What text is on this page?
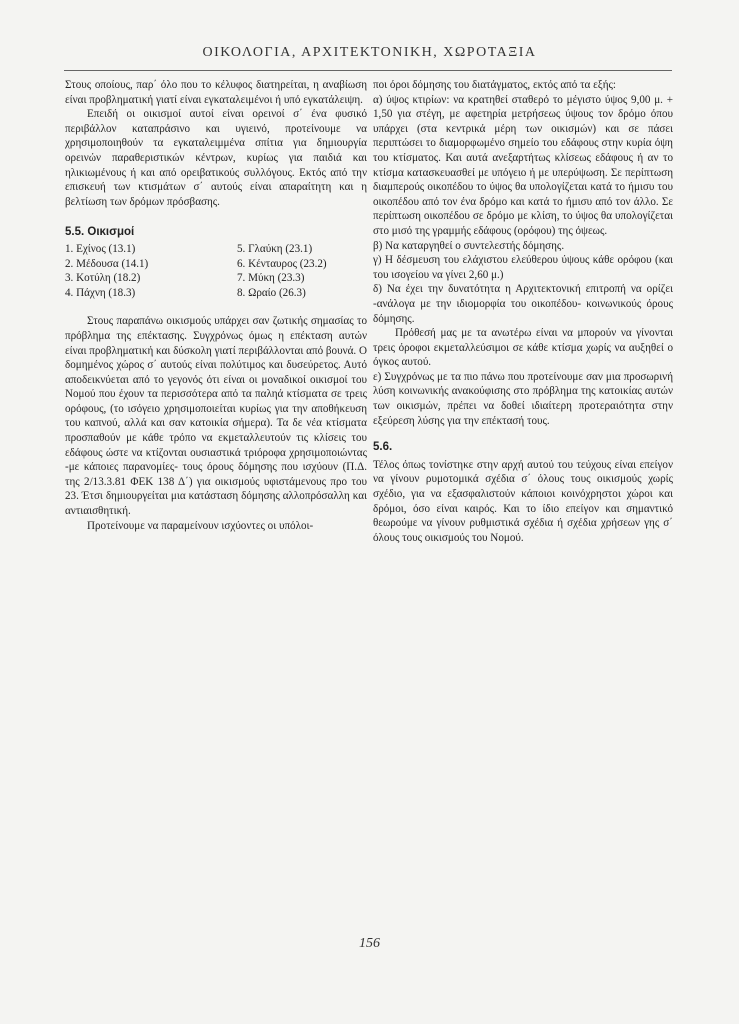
ΟΙΚΟΛΟΓΙΑ, ΑΡΧΙΤΕΚΤΟΝΙΚΗ, ΧΩΡΟΤΑΞΙΑ

Στους οποίους, παρ΄ όλο που το κέλυφος διατηρείται, η αναβίωση είναι προβληματική γιατί είναι εγκαταλειμένοι ή υπό εγκατάλειψη.

Επειδή οι οικισμοί αυτοί είναι ορεινοί σ΄ ένα φυσικό περιβάλλον καταπράσινο και υγιεινό, προτείνουμε να χρησιμοποιηθούν τα εγκαταλειμμένα σπίτια για δημιουργία ορεινών παραθεριστικών κέντρων, κυρίως για παιδιά και ηλικιωμένους ή και από ορειβατικούς συλλόγους. Εκτός από την επισκευή των κτισμάτων σ΄ αυτούς είναι απαραίτητη και η βελτίωση των δρόμων πρόσβασης.

5.5. Οικισμοί
1. Εχίνος (13.1)	5. Γλαύκη (23.1)
2. Μέδουσα (14.1)	6. Κένταυρος (23.2)
3. Κοτύλη (18.2)	7. Μύκη (23.3)
4. Πάχνη (18.3)	8. Ωραίο (26.3)

Στους παραπάνω οικισμούς υπάρχει σαν ζωτικής σημασίας το πρόβλημα της επέκτασης. Συγχρόνως όμως η επέκταση αυτών είναι προβληματική και δύσκολη γιατί περιβάλλονται από βουνά. Ο δομημένος χώρος σ΄ αυτούς είναι πολύτιμος και δυσεύρετος. Αυτό αποδεικνύεται από το γεγονός ότι είναι οι μοναδικοί οικισμοί του Νομού που έχουν τα περισσότερα από τα παληά κτίσματα σε τρεις ορόφους, (το ισόγειο χρησιμοποιείται κυρίως για την αποθήκευση του καπνού, αλλά και σαν κατοικία σήμερα). Τα δε νέα κτίσματα προσπαθούν με κάθε τρόπο να εκμεταλλευτούν τις κλίσεις του εδάφους ώστε να κτίζονται ουσιαστικά τριόροφα χρησιμοποιώντας -με κάποιες παρανομίες- τους όρους δόμησης που ισχύουν (Π.Δ. της 2/13.3.81 ΦΕΚ 138 Δ΄) για οικισμούς υφιστάμενους προ του 23. Έτσι δημιουργείται μια κατάσταση δόμησης αλλοπρόσαλλη και αντιαισθητική.

Προτείνουμε να παραμείνουν ισχύοντες οι υπόλοι-

ποι όροι δόμησης του διατάγματος, εκτός από τα εξής:

α) ύψος κτιρίων: να κρατηθεί σταθερό το μέγιστο ύψος 9,00 μ. + 1,50 για στέγη, με αφετηρία μετρήσεως ύψους τον δρόμο όπου υπάρχει (στα κεντρικά μέρη των οικισμών) και σε πάσει περιπτώσει το διαμορφωμένο σημείο του εδάφους στην κυρία όψη του κτίσματος. Και αυτά ανεξαρτήτως κλίσεως εδάφους ή αν το κτίσμα κατασκευασθεί με υπόγειο ή με υπερύψωση. Σε περίπτωση διαμπερούς οικοπέδου το ύψος θα υπολογίζεται κατά το ήμισυ του οικοπέδου από τον ένα δρόμο και κατά το ήμισυ από τον άλλο. Σε περίπτωση οικοπέδου σε δρόμο με κλίση, το ύψος θα υπολογίζεται στο μισό της γραμμής εδάφους (ορόφου) της όψεως.

β) Να καταργηθεί ο συντελεστής δόμησης.

γ) Η δέσμευση του ελάχιστου ελεύθερου ύψους κάθε ορόφου (και του ισογείου να γίνει 2,60 μ.)

δ) Να έχει την δυνατότητα η Αρχιτεκτονική επιτροπή να ορίζει -ανάλογα με την ιδιομορφία του οικοπέδου- κοινωνικούς όρους δόμησης.

Πρόθεσή μας με τα ανωτέρω είναι να μπορούν να γίνονται τρεις όροφοι εκμεταλλεύσιμοι σε κάθε κτίσμα χωρίς να αυξηθεί ο όγκος αυτού.

ε) Συγχρόνως με τα πιο πάνω που προτείνουμε σαν μια προσωρινή λύση κοινωνικής ανακούφισης στο πρόβλημα της κατοικίας αυτών των οικισμών, πρέπει να δοθεί ιδιαίτερη προτεραιότητα στην εξεύρεση λύσης για την επέκτασή τους.

5.6.

Τέλος όπως τονίστηκε στην αρχή αυτού του τεύχους είναι επείγον να γίνουν ρυμοτομικά σχέδια σ΄ όλους τους οικισμούς χωρίς σχέδιο, για να εξασφαλιστούν κάποιοι κοινόχρηστοι χώροι και δρόμοι, όσο είναι καιρός. Και το ίδιο επείγον και σημαντικό θεωρούμε να γίνουν ρυθμιστικά σχέδια ή σχέδια χρήσεων γης σ΄ όλους τους οικισμούς του Νομού.

156
